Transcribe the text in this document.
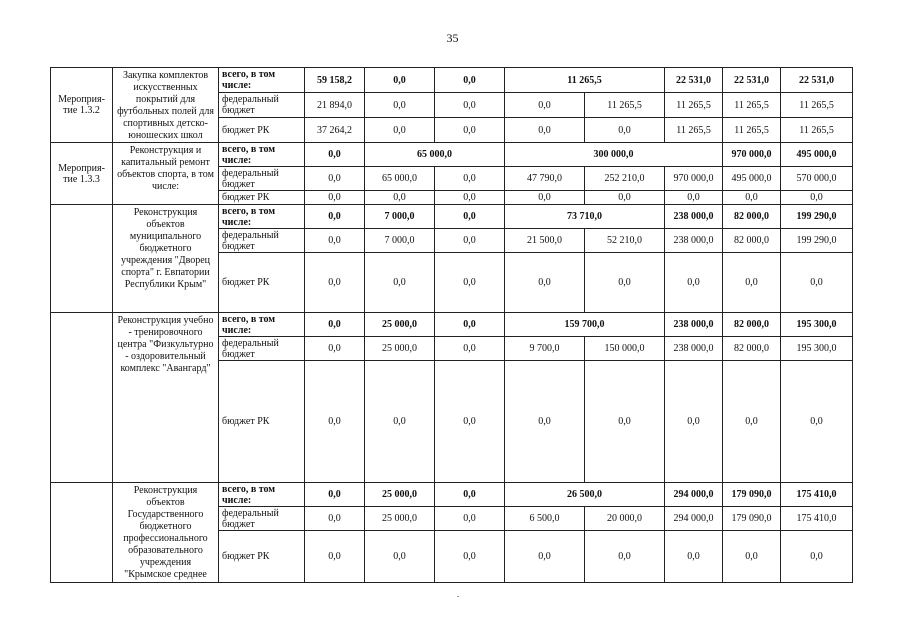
35
Мероприя-тие 1.3.2	Закупка комплектов искусственных покрытий для футбольных полей для спортивных детско-юношеских школ	всего, в том числе:	59 158,2	0,0	0,0	11 265,5		22 531,0	22 531,0	22 531,0	
		федеральный бюджет	21 894,0	0,0	0,0	0,0	11 265,5	11 265,5	11 265,5	11 265,5	
		бюджет РК	37 264,2	0,0	0,0	0,0	0,0	11 265,5	11 265,5	11 265,5	
Мероприя-тие 1.3.3	Реконструкция и капитальный ремонт объектов спорта, в том числе:	всего, в том числе:	0,0	65 000,0		300 000,0			970 000,0	495 000,0	
		федеральный бюджет	0,0	65 000,0	0,0	47 790,0	252 210,0	970 000,0	495 000,0	570 000,0	
		бюджет РК	0,0	0,0	0,0	0,0	0,0	0,0	0,0	0,0	
	Реконструкция объектов муниципального бюджетного учреждения "Дворец спорта" г. Евпатории Республики Крым"	всего, в том числе:	0,0	7 000,0	0,0	73 710,0		238 000,0	82 000,0	199 290,0	
		федеральный бюджет	0,0	7 000,0	0,0	21 500,0	52 210,0	238 000,0	82 000,0	199 290,0	
		бюджет РК	0,0	0,0	0,0	0,0	0,0	0,0	0,0	0,0	
	Реконструкция учебно - тренировочного центра "Физкультурно - оздоровительный комплекс "Авангард"	всего, в том числе:	0,0	25 000,0	0,0	159 700,0		238 000,0	82 000,0	195 300,0	
		федеральный бюджет	0,0	25 000,0	0,0	9 700,0	150 000,0	238 000,0	82 000,0	195 300,0	
		бюджет РК	0,0	0,0	0,0	0,0	0,0	0,0	0,0	0,0	
	Реконструкция объектов Государственного бюджетного профессионального образовательного учреждения "Крымское среднее	всего, в том числе:	0,0	25 000,0	0,0	26 500,0		294 000,0	179 090,0	175 410,0	
		федеральный бюджет	0,0	25 000,0	0,0	6 500,0	20 000,0	294 000,0	179 090,0	175 410,0	
		бюджет РК	0,0	0,0	0,0	0,0	0,0	0,0	0,0	0,0	
